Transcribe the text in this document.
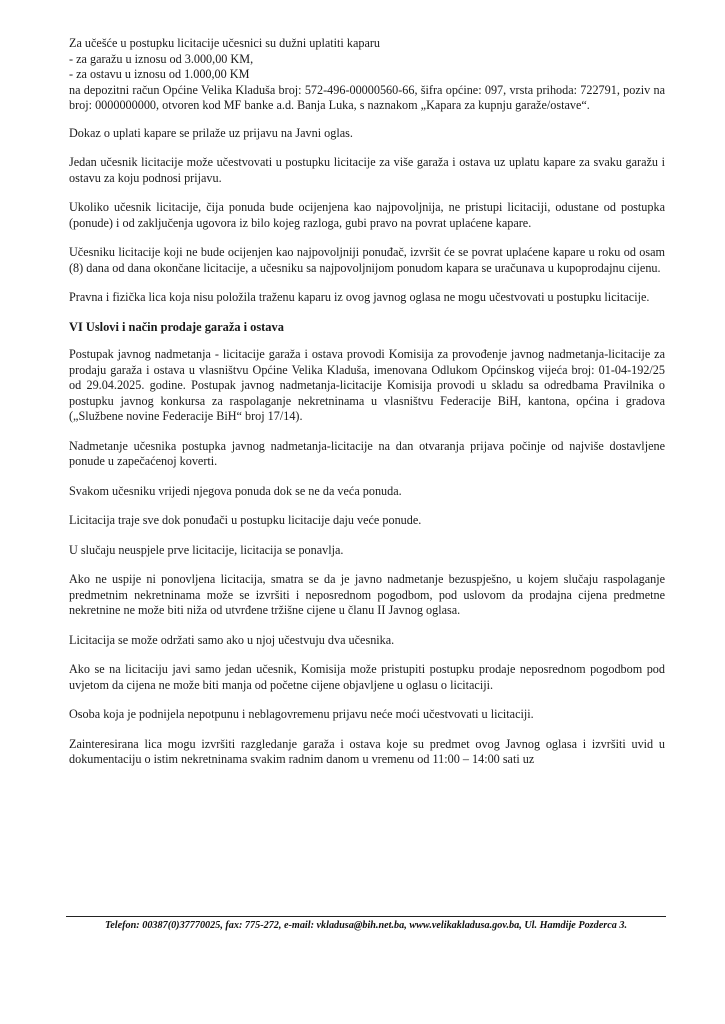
Za učešće u postupku licitacije učesnici su dužni uplatiti kaparu
- za garažu u iznosu od 3.000,00 KM,
- za ostavu u iznosu od 1.000,00 KM
na depozitni račun Općine Velika Kladuša broj: 572-496-00000560-66, šifra općine: 097, vrsta prihoda: 722791, poziv na broj: 0000000000, otvoren kod MF banke a.d. Banja Luka, s naznakom „Kapara za kupnju garaže/ostave“.

Dokaz o uplati kapare se prilaže uz prijavu na Javni oglas.

Jedan učesnik licitacije može učestvovati u postupku licitacije za više garaža i ostava uz uplatu kapare za svaku garažu i ostavu za koju podnosi prijavu.

Ukoliko učesnik licitacije, čija ponuda bude ocijenjena kao najpovoljnija, ne pristupi licitaciji, odustane od postupka (ponude) i od zaključenja ugovora iz bilo kojeg razloga, gubi pravo na povrat uplaćene kapare.

Učesniku licitacije koji ne bude ocijenjen kao najpovoljniji ponuđač, izvršit će se povrat uplaćene kapare u roku od osam (8) dana od dana okončane licitacije, a učesniku sa najpovoljnijom ponudom kapara se uračunava u kupoprodajnu cijenu.

Pravna i fizička lica koja nisu položila traženu kaparu iz ovog javnog oglasa ne mogu učestvovati u postupku licitacije.

VI Uslovi i način prodaje garaža i ostava

Postupak javnog nadmetanja - licitacije garaža i ostava provodi Komisija za provođenje javnog nadmetanja-licitacije za prodaju garaža i ostava u vlasništvu Općine Velika Kladuša, imenovana Odlukom Općinskog vijeća broj: 01-04-192/25 od 29.04.2025. godine. Postupak javnog nadmetanja-licitacije Komisija provodi u skladu sa odredbama Pravilnika o postupku javnog konkursa za raspolaganje nekretninama u vlasništvu Federacije BiH, kantona, općina i gradova („Službene novine Federacije BiH“ broj 17/14).

Nadmetanje učesnika postupka javnog nadmetanja-licitacije na dan otvaranja prijava počinje od najviše dostavljene ponude u zapečaćenoj koverti.

Svakom učesniku vrijedi njegova ponuda dok se ne da veća ponuda.

Licitacija traje sve dok ponuđači u postupku licitacije daju veće ponude.

U slučaju neuspjele prve licitacije, licitacija se ponavlja.

Ako ne uspije ni ponovljena licitacija, smatra se da je javno nadmetanje bezuspješno, u kojem slučaju raspolaganje predmetnim nekretninama može se izvršiti i neposrednom pogodbom, pod uslovom da prodajna cijena predmetne nekretnine ne može biti niža od utvrđene tržišne cijene u članu II Javnog oglasa.

Licitacija se može održati samo ako u njoj učestvuju dva učesnika.

Ako se na licitaciju javi samo jedan učesnik, Komisija može pristupiti postupku prodaje neposrednom pogodbom pod uvjetom da cijena ne može biti manja od početne cijene objavljene u oglasu o licitaciji.

Osoba koja je podnijela nepotpunu i neblagovremenu prijavu neće moći učestvovati u licitaciji.

Zainteresirana lica mogu izvršiti razgledanje garaža i ostava koje su predmet ovog Javnog oglasa i izvršiti uvid u dokumentaciju o istim nekretninama svakim radnim danom u vremenu od 11:00 – 14:00 sati uz

Telefon: 00387(0)37770025, fax: 775-272, e-mail: vkladusa@bih.net.ba, www.velikakladusa.gov.ba, Ul. Hamdije Pozderca 3.
